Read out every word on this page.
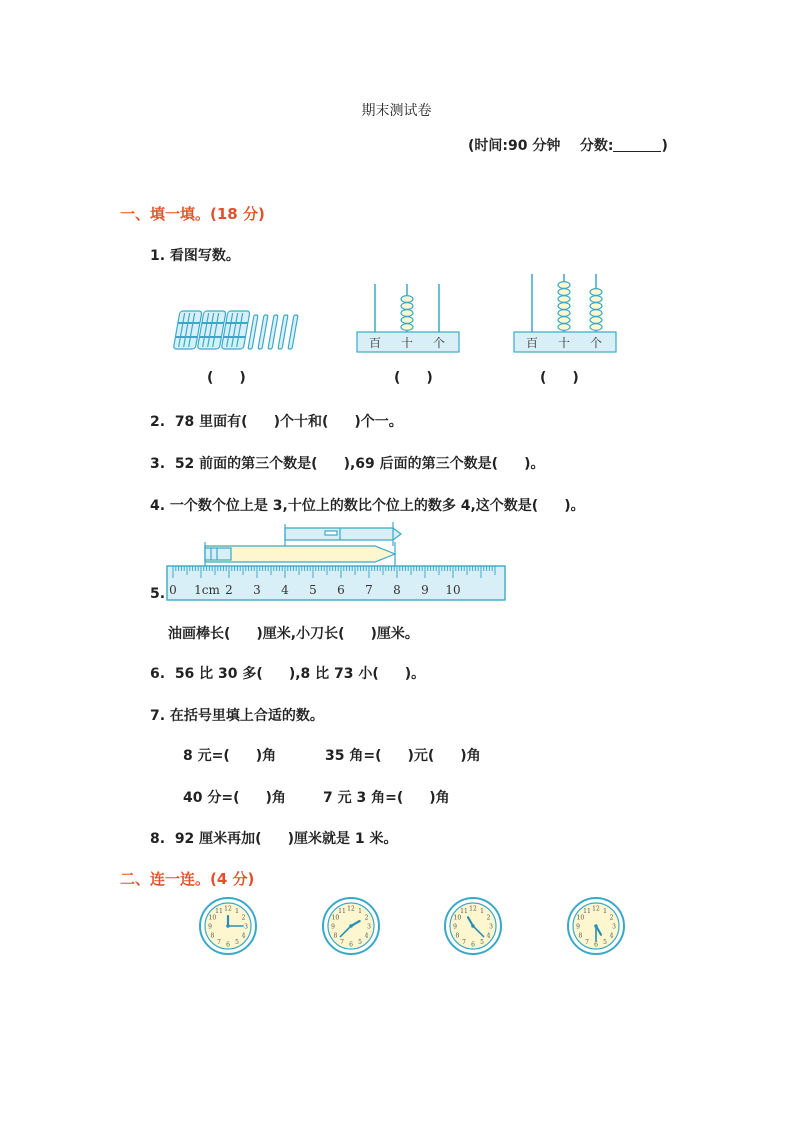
期末测试卷
(时间:90 分钟 分数:	)
一、填一填。(18 分)
1. 看图写数。
百 十 个	百 十 个
( )	( )	( )
2. 78 里面有( )个十和( )个一。
3. 52 前面的第三个数是( ),69 后面的第三个数是( )。
4. 一个数个位上是 3,十位上的数比个位上的数多 4,这个数是( )。
5. 0 1cm 2 3 4 5 6 7 8 9 10
油画棒长( )厘米,小刀长( )厘米。
6. 56 比 30 多( ),8 比 73 小( )。
7. 在括号里填上合适的数。
8 元=( )角	35 角=( )元( )角
40 分=( )角	7 元 3 角=( )角
8. 92 厘米再加( )厘米就是 1 米。
二、连一连。(4 分)
1
2
3
4
5
6
7
8
9
10
11 12	1
2
3
4
5
6
7
8
9
10
11 12	1
2
3
4
5
6
7
8
9
10
11 12	1
2
3
4
5
6
7
8
9
10
11 12
